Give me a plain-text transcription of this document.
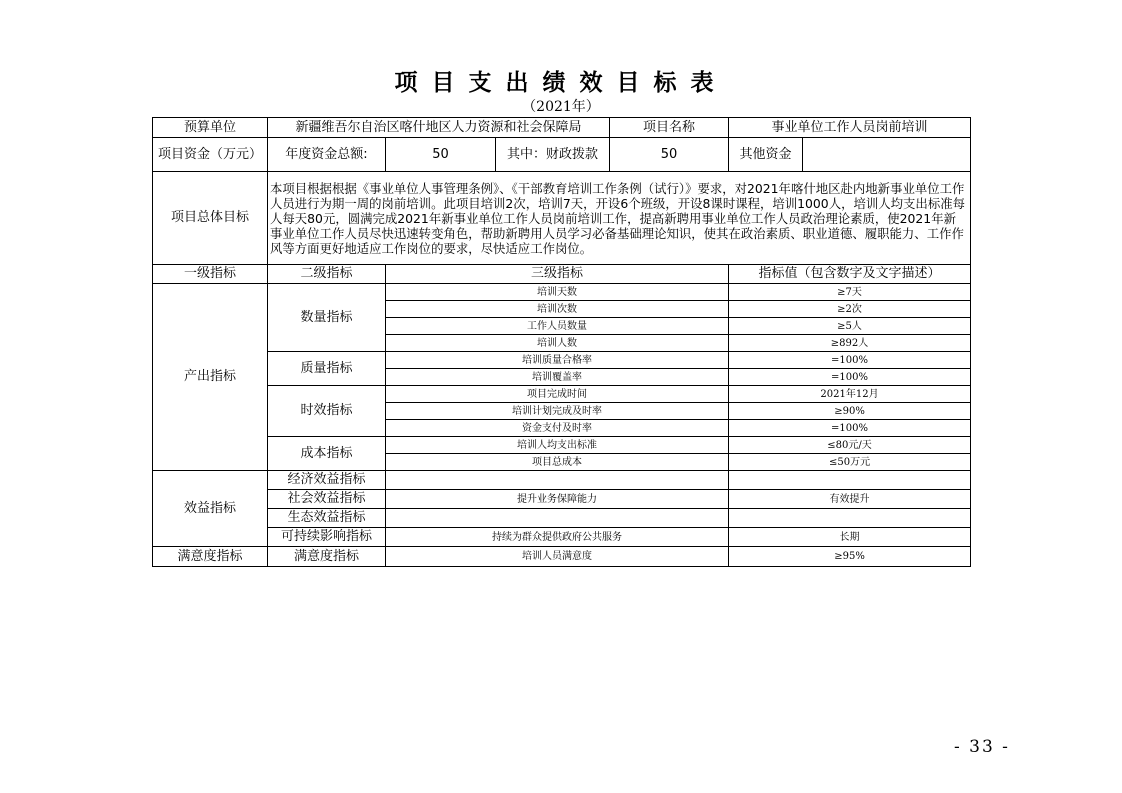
项目支出绩效目标表
（2021年）
预算单位	新疆维吾尔自治区喀什地区人力资源和社会保障局			项目名称	事业单位工作人员岗前培训	
项目资金（万元）	年度资金总额:	50	其中：财政拨款	50	其他资金	
项目总体目标	本项目根据根据《事业单位人事管理条例》、《干部教育培训工作条例（试行）》要求，对2021年喀什地区赴内地新事业单位工作人员进行为期一周的岗前培训。此项目培训2次，培训7天，开设6个班级，开设8课时课程，培训1000人，培训人均支出标准每人每天80元，圆满完成2021年新事业单位工作人员岗前培训工作，提高新聘用事业单位工作人员政治理论素质，使2021年新事业单位工作人员尽快迅速转变角色，帮助新聘用人员学习必备基础理论知识，使其在政治素质、职业道德、履职能力、工作作风等方面更好地适应工作岗位的要求，尽快适应工作岗位。					
一级指标	二级指标	三级指标			指标值（包含数字及文字描述）	
产出指标	数量指标	培训天数			≥7天	
		培训次数			≥2次	
		工作人员数量			≥5人	
		培训人数			≥892人	
	质量指标	培训质量合格率			=100%	
		培训覆盖率			=100%	
	时效指标	项目完成时间			2021年12月	
		培训计划完成及时率			≥90%	
		资金支付及时率			=100%	
	成本指标	培训人均支出标准			≤80元/天	
		项目总成本			≤50万元	
效益指标	经济效益指标					
	社会效益指标	提升业务保障能力			有效提升	
	生态效益指标					
	可持续影响指标	持续为群众提供政府公共服务			长期	
满意度指标	满意度指标	培训人员满意度			≥95%	
- 33 -
